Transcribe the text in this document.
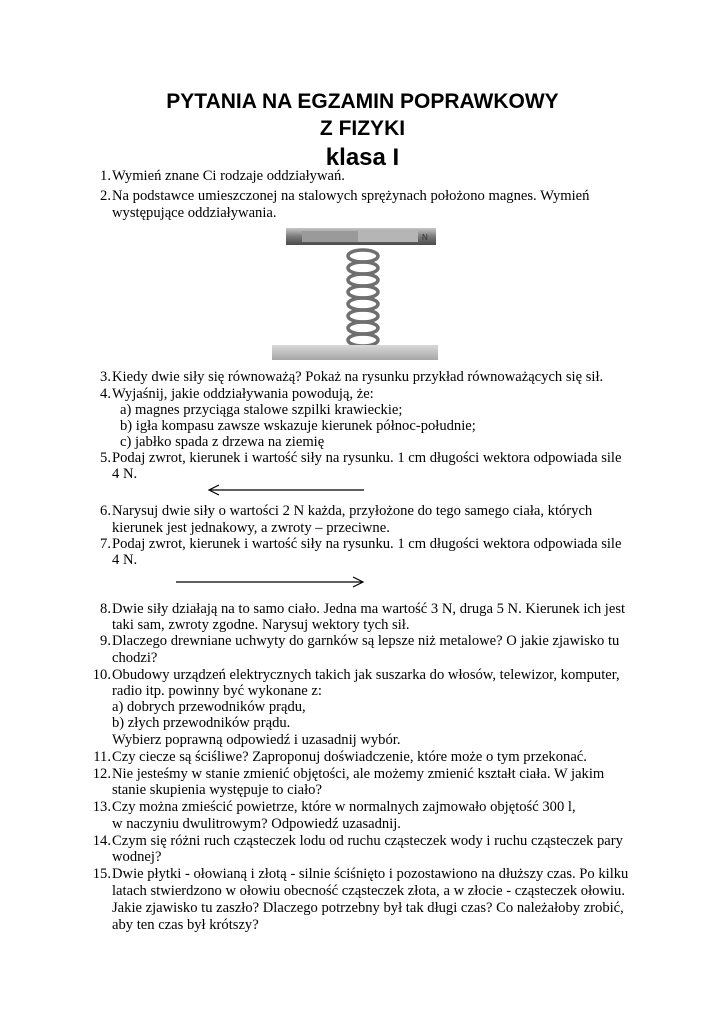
PYTANIA NA EGZAMIN POPRAWKOWY
Z FIZYKI
klasa I
1. Wymień znane Ci rodzaje oddziaływań.
2. Na podstawce umieszczonej na stalowych sprężynach położono magnes. Wymień
występujące oddziaływania.
N
3. Kiedy dwie siły się równoważą? Pokaż na rysunku przykład równoważących się sił.
4. Wyjaśnij, jakie oddziaływania powodują, że:
a) magnes przyciąga stalowe szpilki krawieckie;
b) igła kompasu zawsze wskazuje kierunek północ-południe;
c) jabłko spada z drzewa na ziemię
5. Podaj zwrot, kierunek i wartość siły na rysunku. 1 cm długości wektora odpowiada sile
4 N.
6. Narysuj dwie siły o wartości 2 N każda, przyłożone do tego samego ciała, których
kierunek jest jednakowy, a zwroty – przeciwne.
7. Podaj zwrot, kierunek i wartość siły na rysunku. 1 cm długości wektora odpowiada sile
4 N.
8. Dwie siły działają na to samo ciało. Jedna ma wartość 3 N, druga 5 N. Kierunek ich jest
taki sam, zwroty zgodne. Narysuj wektory tych sił.
9. Dlaczego drewniane uchwyty do garnków są lepsze niż metalowe? O jakie zjawisko tu
chodzi?
10. Obudowy urządzeń elektrycznych takich jak suszarka do włosów, telewizor, komputer,
radio itp. powinny być wykonane z:
a) dobrych przewodników prądu,
b) złych przewodników prądu.
Wybierz poprawną odpowiedź i uzasadnij wybór.
11. Czy ciecze są ściśliwe? Zaproponuj doświadczenie, które może o tym przekonać.
12. Nie jesteśmy w stanie zmienić objętości, ale możemy zmienić kształt ciała. W jakim
stanie skupienia występuje to ciało?
13. Czy można zmieścić powietrze, które w normalnych zajmowało objętość 300 l,
w naczyniu dwulitrowym? Odpowiedź uzasadnij.
14. Czym się różni ruch cząsteczek lodu od ruchu cząsteczek wody i ruchu cząsteczek pary
wodnej?
15. Dwie płytki - ołowianą i złotą - silnie ściśnięto i pozostawiono na dłuższy czas. Po kilku
latach stwierdzono w ołowiu obecność cząsteczek złota, a w złocie - cząsteczek ołowiu.
Jakie zjawisko tu zaszło? Dlaczego potrzebny był tak długi czas? Co należałoby zrobić,
aby ten czas był krótszy?
